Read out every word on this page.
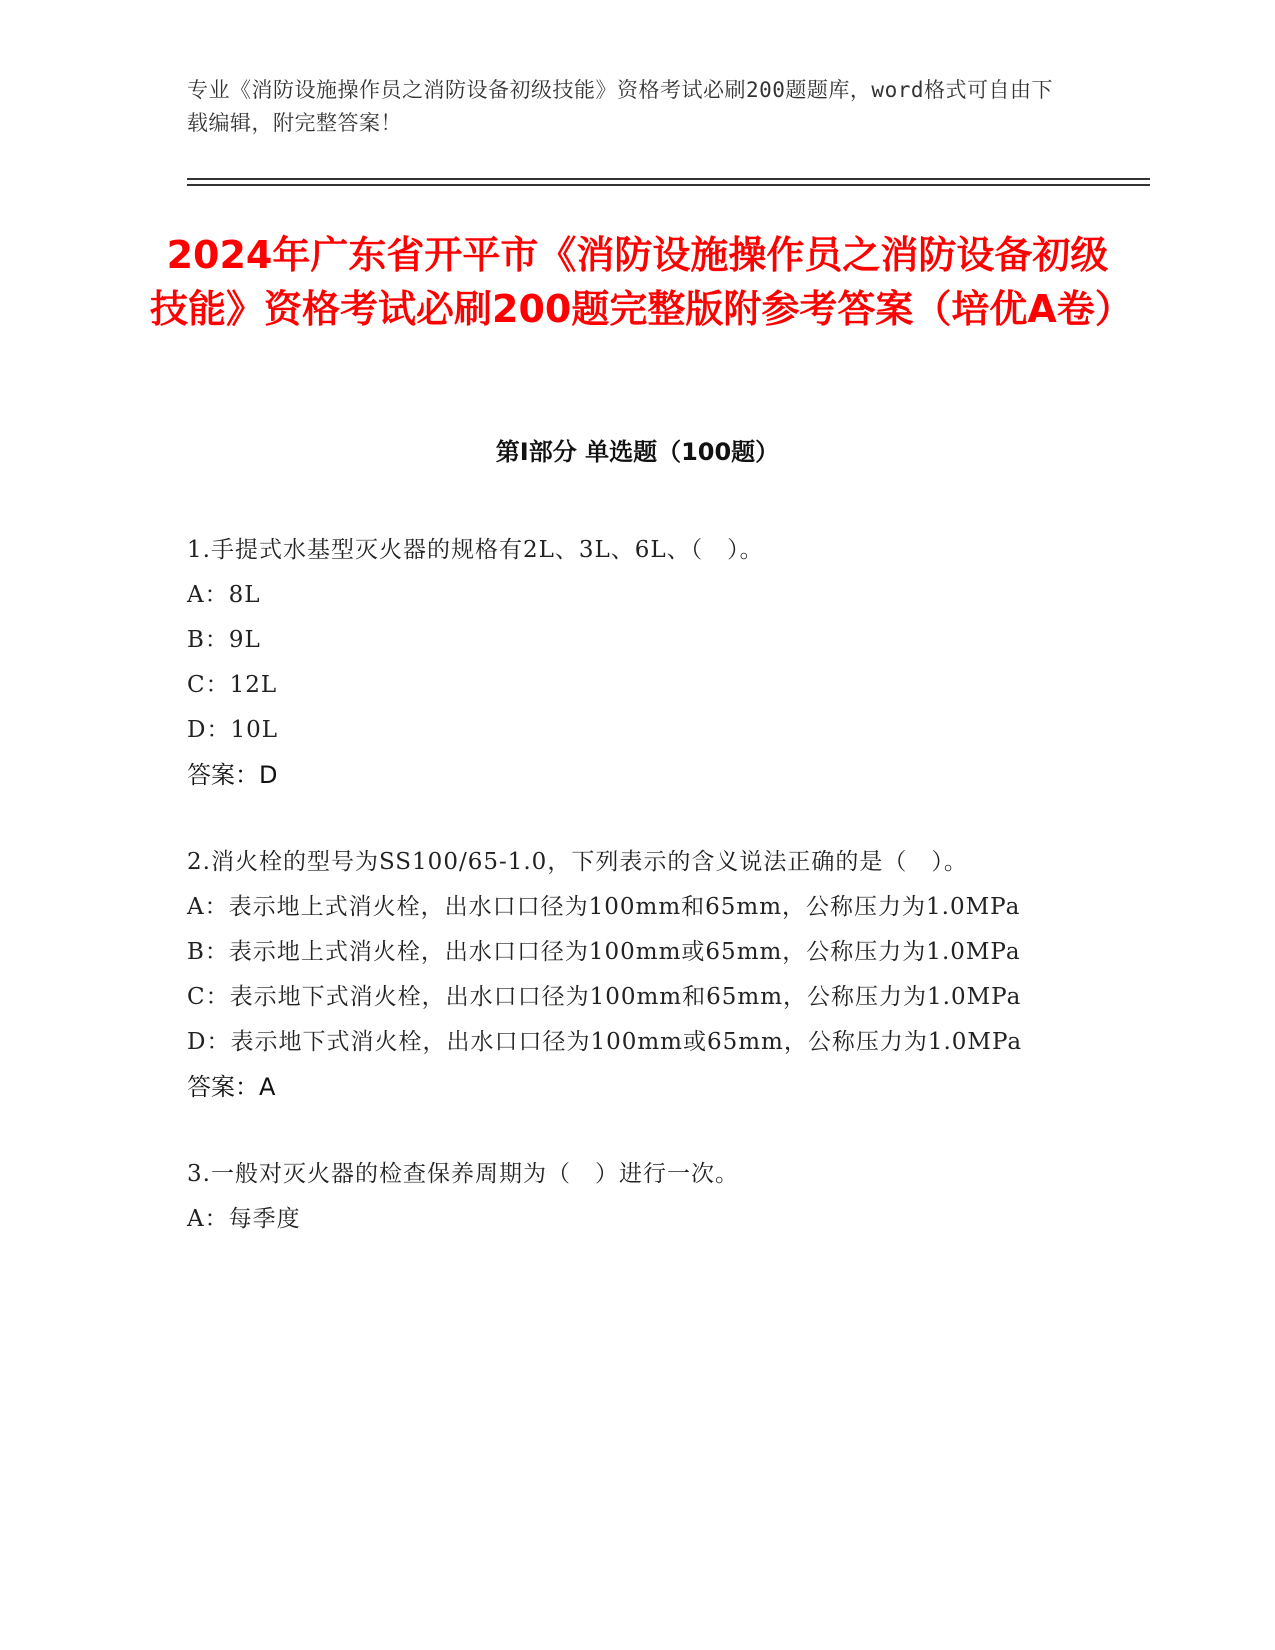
专业《消防设施操作员之消防设备初级技能》资格考试必刷200题题库，word格式可自由下载编辑，附完整答案！
2024年广东省开平市《消防设施操作员之消防设备初级技能》资格考试必刷200题完整版附参考答案（培优A卷）
第I部分 单选题（100题）

1.手提式水基型灭火器的规格有2L、3L、6L、（　）。

A：8L

B：9L

C：12L

D：10L

答案：D

2.消火栓的型号为SS100/65-1.0，下列表示的含义说法正确的是（　）。

A：表示地上式消火栓，出水口口径为100mm和65mm，公称压力为1.0MPa

B：表示地上式消火栓，出水口口径为100mm或65mm，公称压力为1.0MPa

C：表示地下式消火栓，出水口口径为100mm和65mm，公称压力为1.0MPa

D：表示地下式消火栓，出水口口径为100mm或65mm，公称压力为1.0MPa

答案：A

3.一般对灭火器的检查保养周期为（　）进行一次。

A：每季度
